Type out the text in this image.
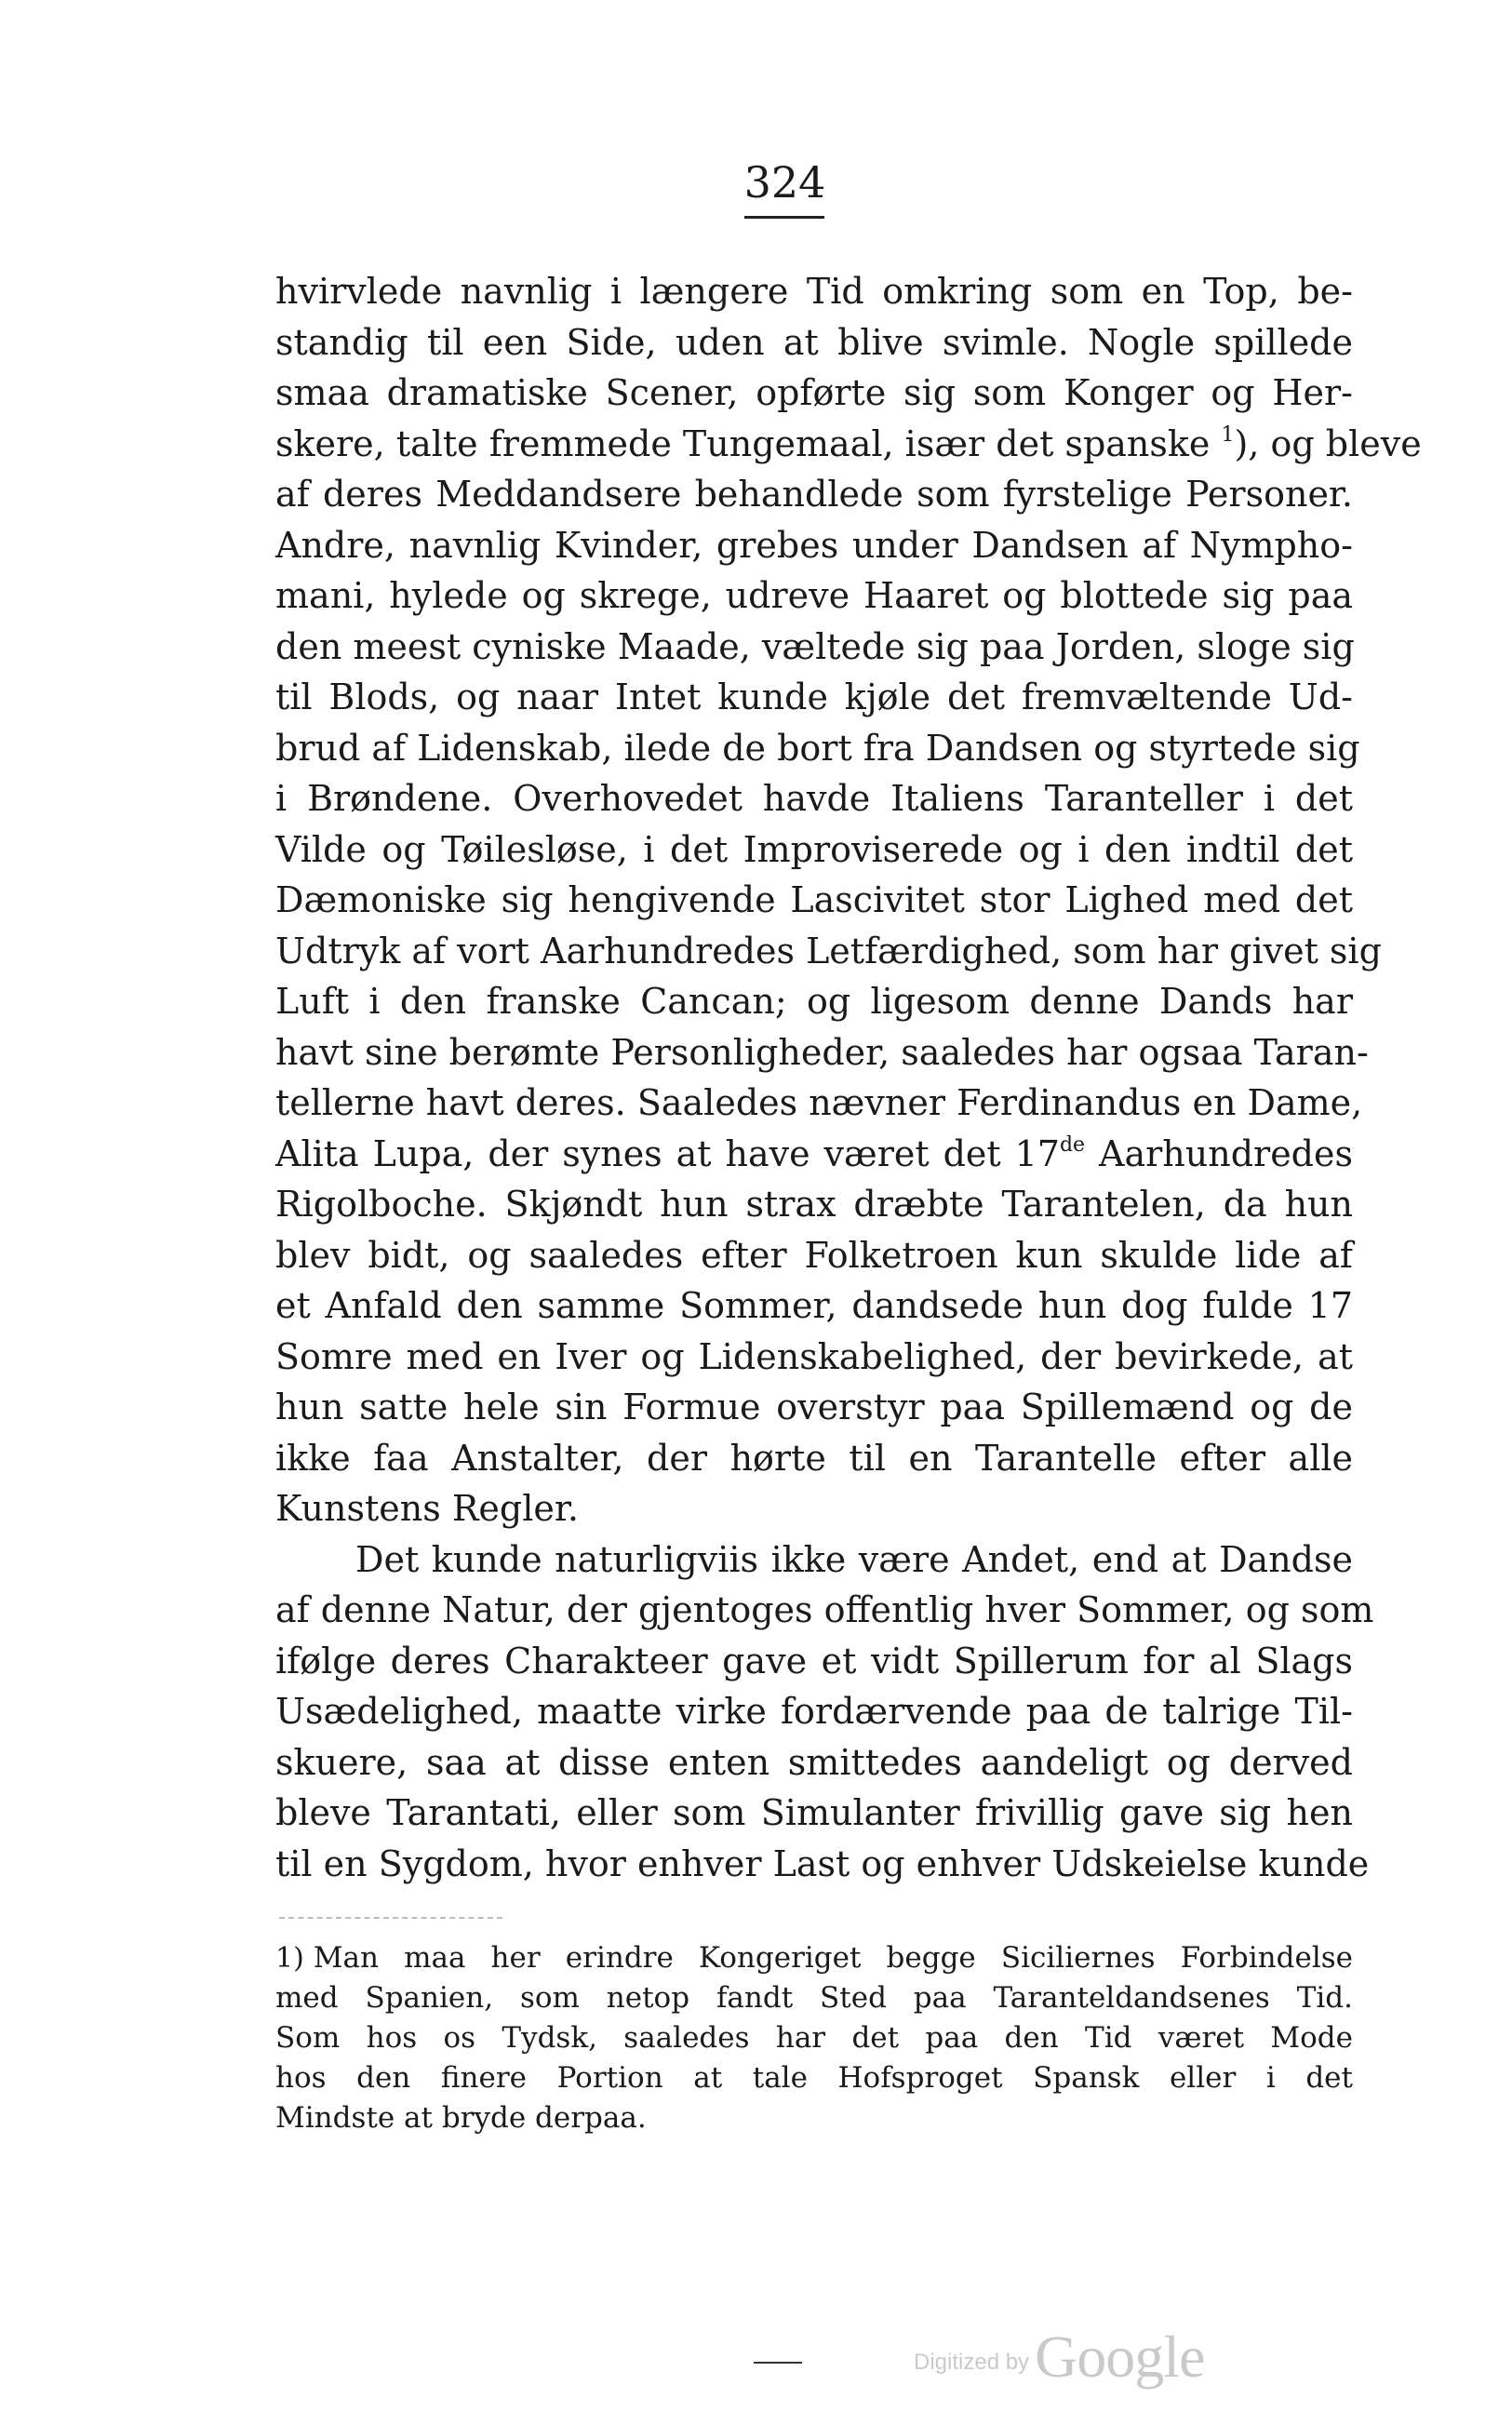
324
hvirvlede navnlig i længere Tid omkring som en Top, be-
standig til een Side, uden at blive svimle. Nogle spillede
smaa dramatiske Scener, opførte sig som Konger og Her-
skere, talte fremmede Tungemaal, især det spanske $^1$), og bleve
af deres Meddandsere behandlede som fyrstelige Personer.
Andre, navnlig Kvinder, grebes under Dandsen af Nympho-
mani, hylede og skrege, udreve Haaret og blottede sig paa
den meest cyniske Maade, væltede sig paa Jorden, sloge sig
til Blods, og naar Intet kunde kjøle det fremvæltende Ud-
brud af Lidenskab, ilede de bort fra Dandsen og styrtede sig
i Brøndene. Overhovedet havde Italiens Taranteller i det
Vilde og Tøilesløse, i det Improviserede og i den indtil det
Dæmoniske sig hengivende Lascivitet stor Lighed med det
Udtryk af vort Aarhundredes Letfærdighed, som har givet sig
Luft i den franske Cancan; og ligesom denne Dands har
havt sine berømte Personligheder, saaledes har ogsaa Taran-
tellerne havt deres. Saaledes nævner Ferdinandus en Dame,
Alita Lupa, der synes at have været det 17de Aarhundredes
Rigolboche. Skjøndt hun strax dræbte Tarantelen, da hun
blev bidt, og saaledes efter Folketroen kun skulde lide af
et Anfald den samme Sommer, dandsede hun dog fulde 17
Somre med en Iver og Lidenskabelighed, der bevirkede, at
hun satte hele sin Formue overstyr paa Spillemænd og de
ikke faa Anstalter, der hørte til en Tarantelle efter alle
Kunstens Regler.
Det kunde naturligviis ikke være Andet, end at Dandse
af denne Natur, der gjentoges offentlig hver Sommer, og som
ifølge deres Charakteer gave et vidt Spillerum for al Slags
Usædelighed, maatte virke fordærvende paa de talrige Til-
skuere, saa at disse enten smittedes aandeligt og derved
bleve Tarantati, eller som Simulanter frivillig gave sig hen
til en Sygdom, hvor enhver Last og enhver Udskeielse kunde
1) Man maa her erindre Kongeriget begge Siciliernes Forbindelse
med Spanien, som netop fandt Sted paa Taranteldandsenes Tid.
Som hos os Tydsk, saaledes har det paa den Tid været Mode
hos den finere Portion at tale Hofsproget Spansk eller i det
Mindste at bryde derpaa.
Digitized byGoogle
